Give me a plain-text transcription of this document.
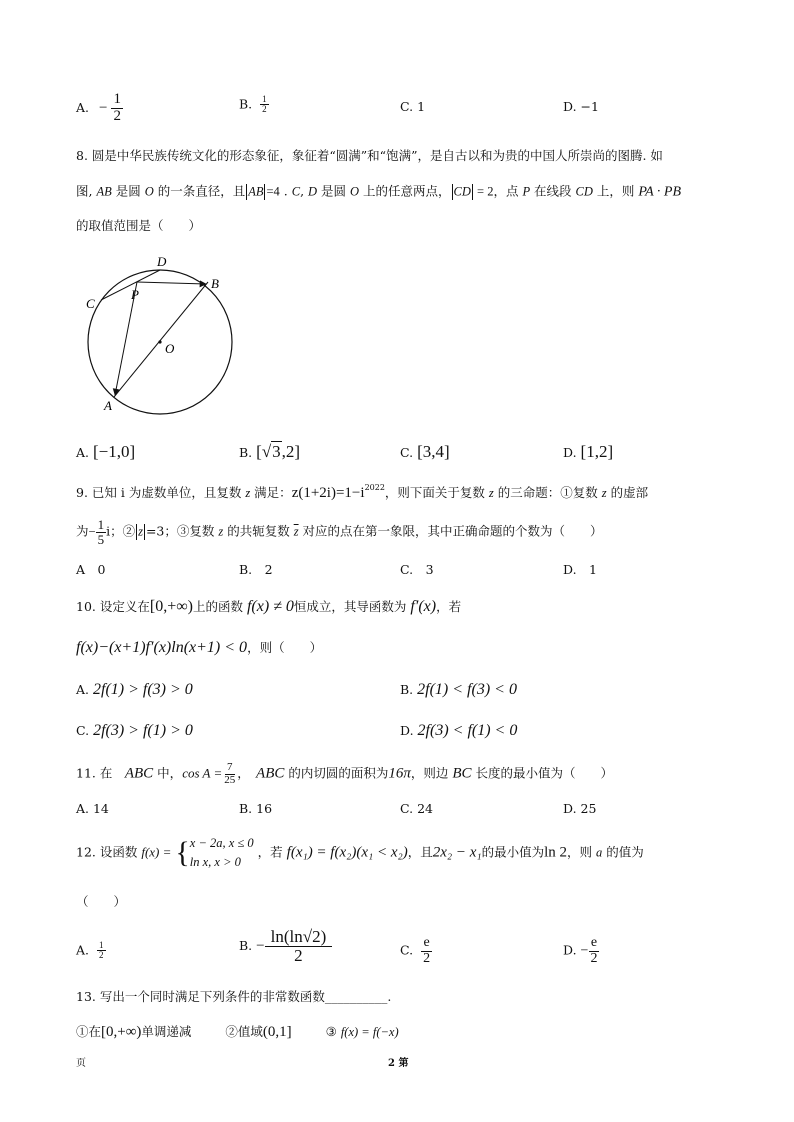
A. − $\frac{1}{2}$	B. $\frac{1}{2}$	C. 1	D. −1
8. 圆是中华民族传统文化的形态象征，象征着“圆满”和“饱满”，是自古以和为贵的中国人所崇尚的图腾. 如
图, AB 是圆 O 的一条直径，且 AB =4 . C, D 是圆 O 上的任意两点， CD = 2，点 P 在线段 CD 上，则 PA · PB
的取值范围是（　　）
D
B
C
P
O
A
A. [−1,0]	B. [√3,2]	C. [3,4]	D. [1,2]
9. 已知 i 为虚数单位，且复数 z 满足：$z(1+2i)=1-i^{2022}$，则下面关于复数 z 的三命题：①复数 z 的虚部
为− $\frac{1}{5}$ i；② z =3；③复数 z 的共轭复数 $\overline{z}$ 对应的点在第一象限，其中正确命题的个数为（　　）
A　0	B.　2	C.　3	D.　1
10. 设定义在[0,+∞)上的函数 f(x) ≠ 0恒成立，其导函数为 f′(x)，若
f(x)−(x+1)f′(x)ln(x+1) < 0，则（　　）
A. 2f(1) > f(3) > 0	B. 2f(1) < f(3) < 0
C. 2f(3) > f(1) > 0	D. 2f(3) < f(1) < 0
11. 在　ABC 中，$\cos A = \frac{7}{25}$ ，　ABC 的内切圆的面积为16π，则边 BC 长度的最小值为（　　）
A. 14	B. 16	C. 24	D. 25
12. 设函数 f(x) = { x − 2a, x ≤ 0
ln x, x > 0
，若 f(x₁) = f(x₂)(x₁ < x₂)，且2x₂ − x₁的最小值为ln 2，则 a 的值为
（　　）
A. $\frac{1}{2}$	B. − $\frac{\ln(\ln√2)}{2}$	C. $\frac{e}{2}$	D. − $\frac{e}{2}$
13. 写出一个同时满足下列条件的非常数函数__________.
①在[0,+∞)单调递减	②值域(0,1]	③ f(x) = f(−x)
页	2 第
